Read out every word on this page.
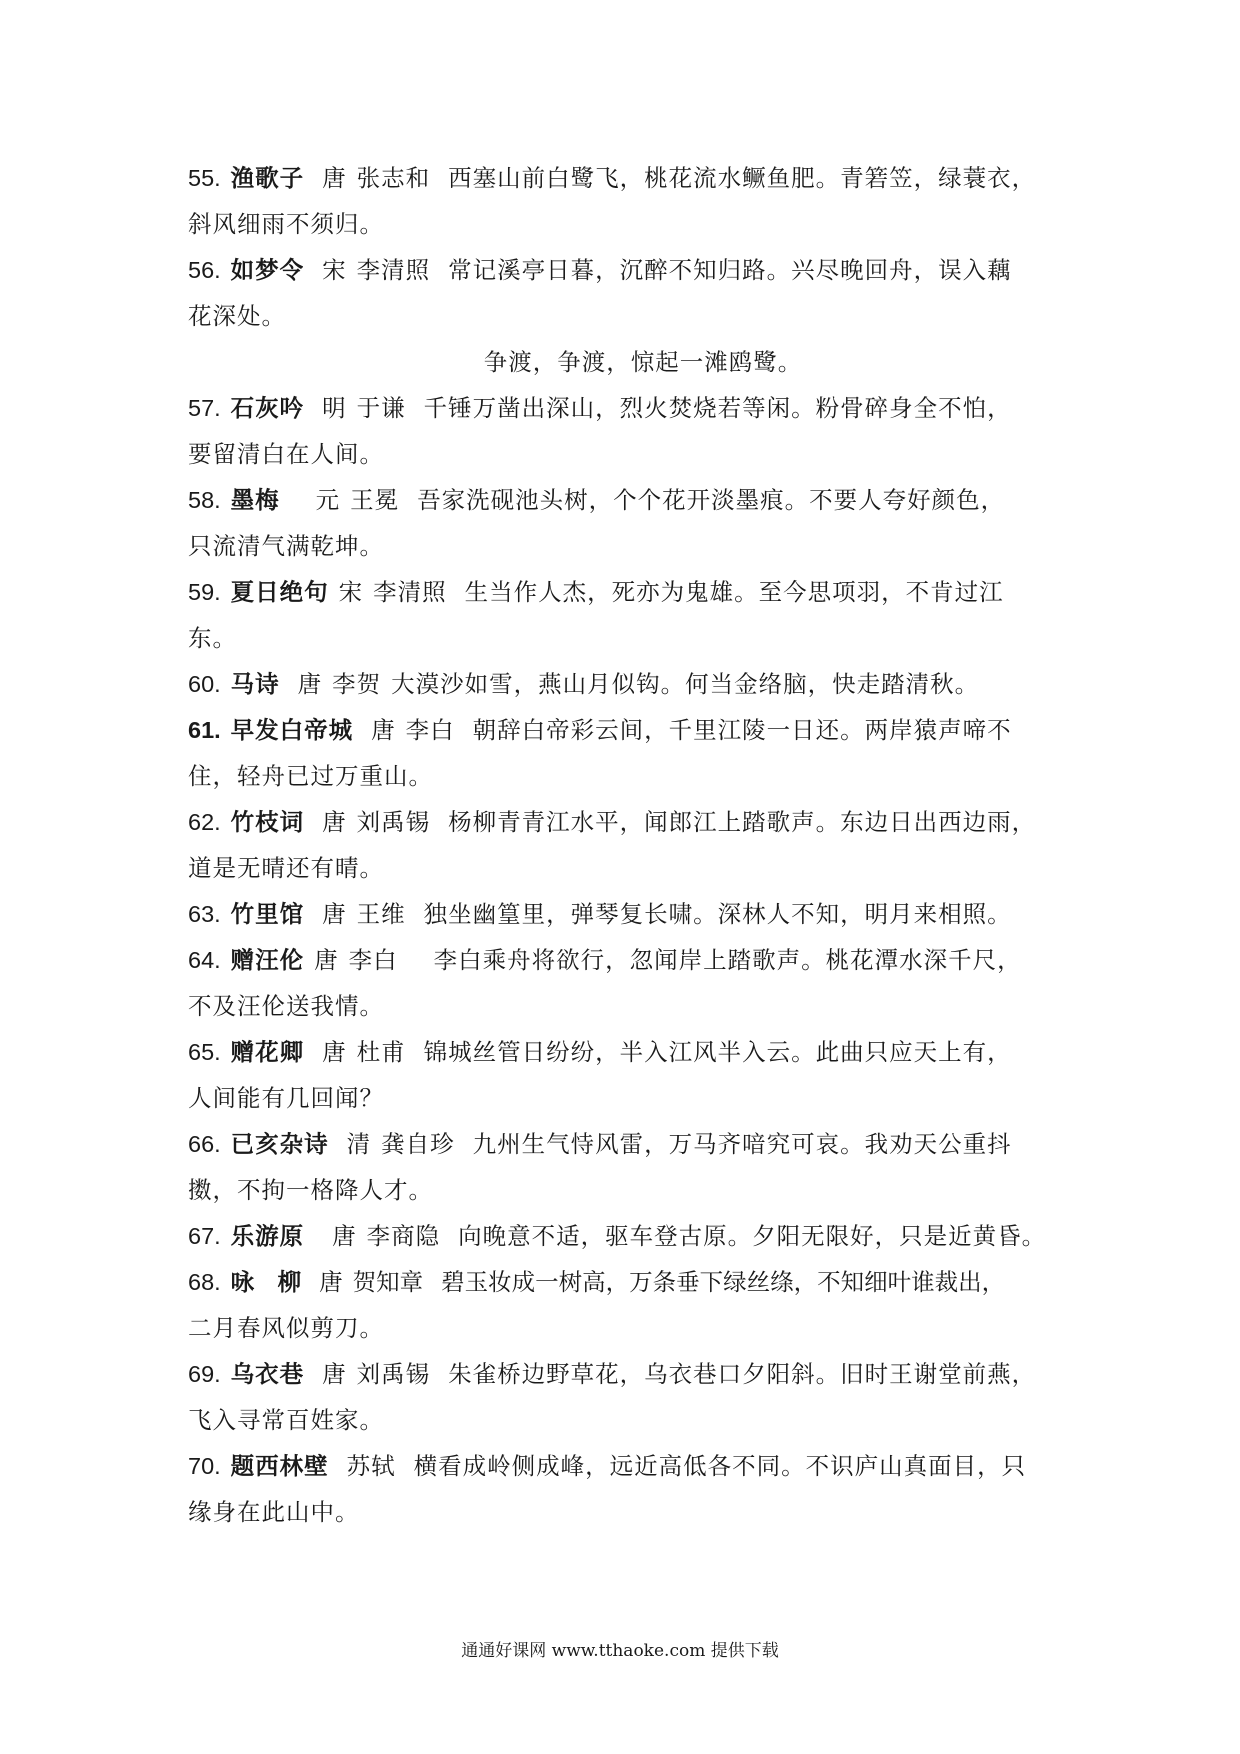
55. 渔歌子 唐 张志和 西塞山前白鹭飞，桃花流水鳜鱼肥。青箬笠，绿蓑衣，
斜风细雨不须归。
56. 如梦令 宋 李清照 常记溪亭日暮，沉醉不知归路。兴尽晚回舟，误入藕
花深处。
争渡，争渡，惊起一滩鸥鹭。
57. 石灰吟 明 于谦 千锤万凿出深山，烈火焚烧若等闲。粉骨碎身全不怕，
要留清白在人间。
58. 墨梅 元 王冕 吾家洗砚池头树，个个花开淡墨痕。不要人夸好颜色，
只流清气满乾坤。
59. 夏日绝句 宋 李清照 生当作人杰，死亦为鬼雄。至今思项羽，不肯过江
东。
60. 马诗 唐 李贺 大漠沙如雪，燕山月似钩。何当金络脑，快走踏清秋。
61. 早发白帝城 唐 李白 朝辞白帝彩云间，千里江陵一日还。两岸猿声啼不
住，轻舟已过万重山。
62. 竹枝词 唐 刘禹锡 杨柳青青江水平，闻郎江上踏歌声。东边日出西边雨，
道是无晴还有晴。
63. 竹里馆 唐 王维 独坐幽篁里，弹琴复长啸。深林人不知，明月来相照。
64. 赠汪伦 唐 李白 李白乘舟将欲行，忽闻岸上踏歌声。桃花潭水深千尺，
不及汪伦送我情。
65. 赠花卿 唐 杜甫 锦城丝管日纷纷，半入江风半入云。此曲只应天上有，
人间能有几回闻？
66. 已亥杂诗 清 龚自珍 九州生气恃风雷，万马齐喑究可哀。我劝天公重抖
擞，不拘一格降人才。
67. 乐游原 唐 李商隐 向晚意不适，驱车登古原。夕阳无限好，只是近黄昏。
68. 咏　柳 唐 贺知章 碧玉妆成一树高，万条垂下绿丝绦，不知细叶谁裁出，
二月春风似剪刀。
69. 乌衣巷 唐 刘禹锡 朱雀桥边野草花，乌衣巷口夕阳斜。旧时王谢堂前燕，
飞入寻常百姓家。
70. 题西林壁 苏轼 横看成岭侧成峰，远近高低各不同。不识庐山真面目，只
缘身在此山中。
通通好课网 www.tthaoke.com 提供下载
